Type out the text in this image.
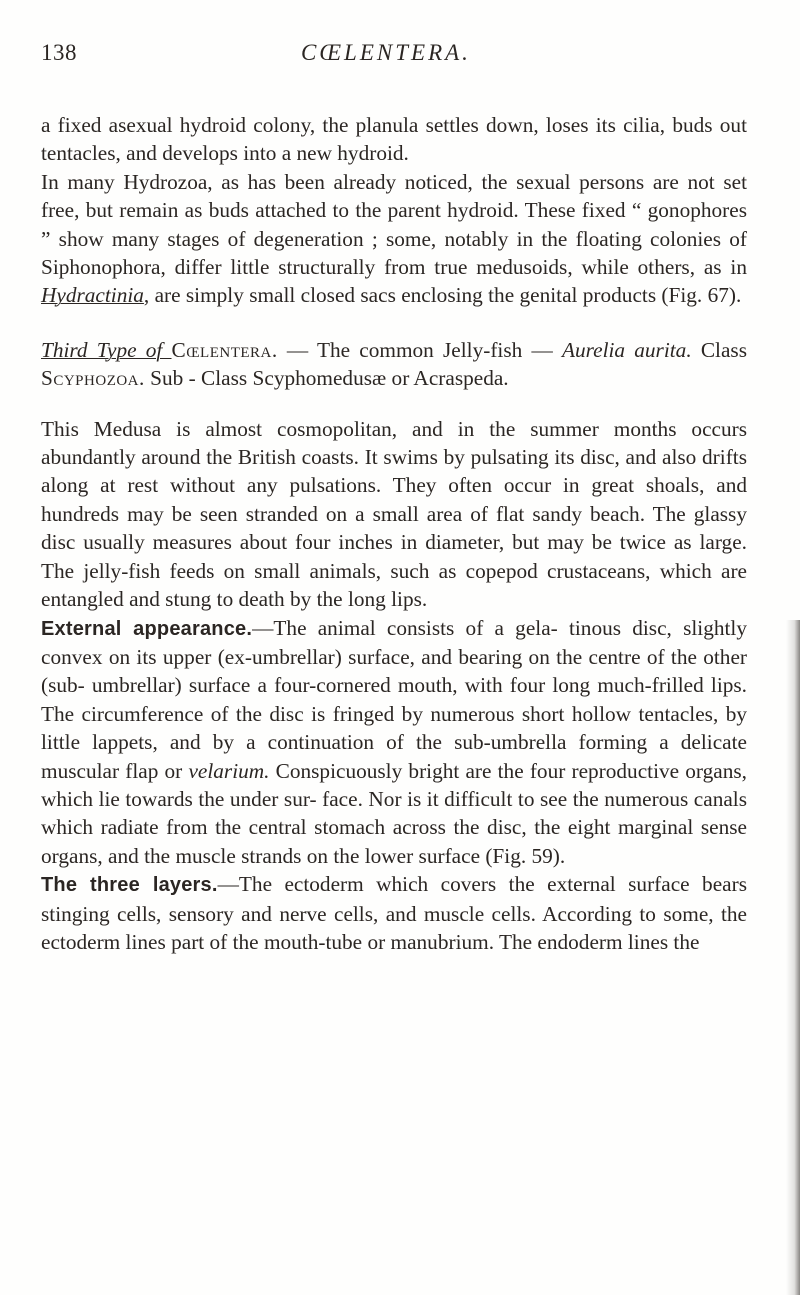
138	CŒLENTERA.

a fixed asexual hydroid colony, the planula settles down, loses its cilia, buds out tentacles, and develops into a new hydroid.

In many Hydrozoa, as has been already noticed, the sexual persons are not set free, but remain as buds attached to the parent hydroid. These fixed “ gonophores ” show many stages of degeneration ; some, notably in the floating colonies of Siphonophora, differ little structurally from true medusoids, while others, as in Hydractinia, are simply small closed sacs enclosing the genital products (Fig. 67).

Third Type of Cœlentera. — The common Jelly-fish — Aurelia aurita. Class Scyphozoa. Sub - Class Scyphomedusæ or Acraspeda.

This Medusa is almost cosmopolitan, and in the summer months occurs abundantly around the British coasts. It swims by pulsating its disc, and also drifts along at rest without any pulsations. They often occur in great shoals, and hundreds may be seen stranded on a small area of flat sandy beach. The glassy disc usually measures about four inches in diameter, but may be twice as large. The jelly-fish feeds on small animals, such as copepod crustaceans, which are entangled and stung to death by the long lips.

External appearance.—The animal consists of a gela- tinous disc, slightly convex on its upper (ex-umbrellar) surface, and bearing on the centre of the other (sub- umbrellar) surface a four-cornered mouth, with four long much-frilled lips. The circumference of the disc is fringed by numerous short hollow tentacles, by little lappets, and by a continuation of the sub-umbrella forming a delicate muscular flap or velarium. Conspicuously bright are the four reproductive organs, which lie towards the under sur- face. Nor is it difficult to see the numerous canals which radiate from the central stomach across the disc, the eight marginal sense organs, and the muscle strands on the lower surface (Fig. 59).

The three layers.—The ectoderm which covers the external surface bears stinging cells, sensory and nerve cells, and muscle cells. According to some, the ectoderm lines part of the mouth-tube or manubrium. The endoderm lines the
